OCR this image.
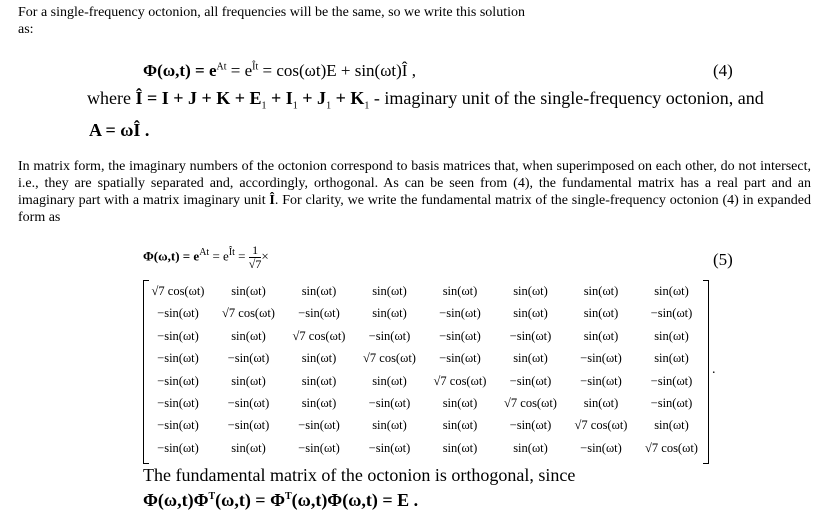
For a single-frequency octonion, all frequencies will be the same, so we write this solution
as:
$\Phi(\omega,t) = e^{At} = e^{Ît} = \cos(\omega t)E$ + sin(ωt)Î ,	(4)
where Î = $I + J + K + E_1 + I_1 + J_1 + K_1$ - imaginary unit of the single-frequency octonion, and
A = ωÎ .
In matrix form, the imaginary numbers of the octonion correspond to basis matrices that, when superimposed on each other, do not intersect, i.e., they are spatially separated and, accordingly, orthogonal. As can be seen from (4), the fundamental matrix has a real part and an imaginary part with a matrix imaginary unit Î. For clarity, we write the fundamental matrix of the single-frequency octonion (4) in expanded form as
$\Phi(\omega,t) = e^{At} = e^{Ît} = \frac{1}{√7}$ ×	(5)
√7 cos(ωt)	sin(ωt)	sin(ωt)	sin(ωt)	sin(ωt)	sin(ωt)	sin(ωt)	sin(ωt)
−sin(ωt)	√7 cos(ωt)	−sin(ωt)	sin(ωt)	−sin(ωt)	sin(ωt)	sin(ωt)	−sin(ωt)
−sin(ωt)	sin(ωt)	√7 cos(ωt)	−sin(ωt)	−sin(ωt)	−sin(ωt)	sin(ωt)	sin(ωt)
−sin(ωt)	−sin(ωt)	sin(ωt)	√7 cos(ωt)	−sin(ωt)	sin(ωt)	−sin(ωt)	sin(ωt)
−sin(ωt)	sin(ωt)	sin(ωt)	sin(ωt)	√7 cos(ωt)	−sin(ωt)	−sin(ωt)	−sin(ωt)
−sin(ωt)	−sin(ωt)	sin(ωt)	−sin(ωt)	sin(ωt)	√7 cos(ωt)	sin(ωt)	−sin(ωt)
−sin(ωt)	−sin(ωt)	−sin(ωt)	sin(ωt)	sin(ωt)	−sin(ωt)	√7 cos(ωt)	sin(ωt)
−sin(ωt)	sin(ωt)	−sin(ωt)	−sin(ωt)	sin(ωt)	sin(ωt)	−sin(ωt)	√7 cos(ωt)
.
The fundamental matrix of the octonion is orthogonal, since
$\Phi(\omega,t)\Phi^T(\omega,t) = \Phi^T(\omega,t)\Phi(\omega,t) = E$ .
